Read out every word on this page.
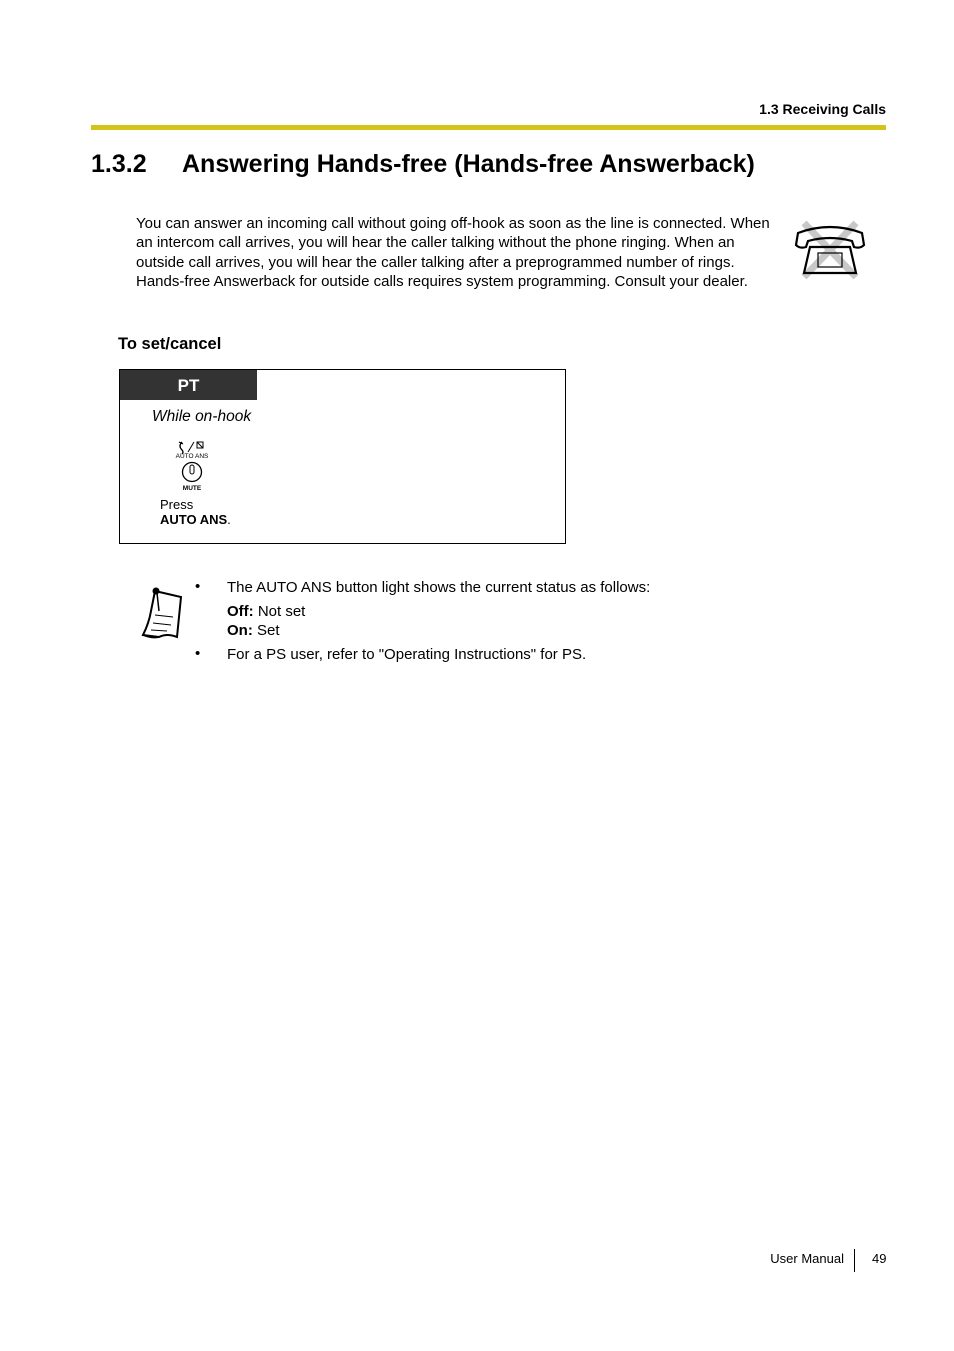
1.3 Receiving Calls
1.3.2 Answering Hands-free (Hands-free Answerback)
You can answer an incoming call without going off-hook as soon as the line is connected. When an intercom call arrives, you will hear the caller talking without the phone ringing. When an outside call arrives, you will hear the caller talking after a preprogrammed number of rings. Hands-free Answerback for outside calls requires system programming. Consult your dealer.
To set/cancel
PT
While on-hook
AUTO ANS
MUTE
Press
AUTO ANS.
• The AUTO ANS button light shows the current status as follows:
Off: Not set
On: Set
• For a PS user, refer to "Operating Instructions" for PS.
User Manual 49
